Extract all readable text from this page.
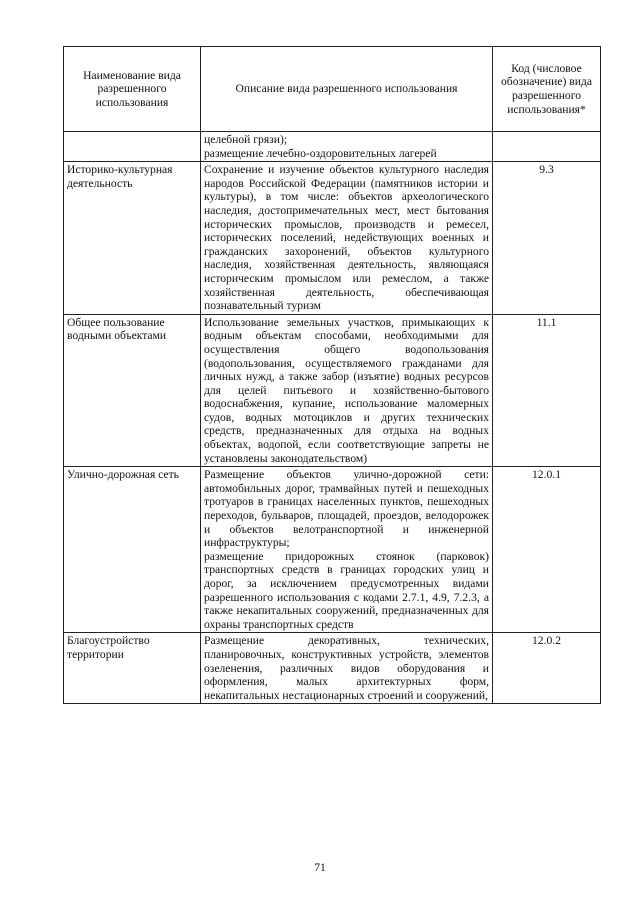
Наименование вида разрешенного использования	Описание вида разрешенного использования	Код (числовое обозначение) вида разрешенного использования*

	целебной грязи);

размещение лечебно-оздоровительных лагерей	

Историко-культурная деятельность	Сохранение и изучение объектов культурного наследия народов Российской Федерации (памятников истории и культуры), в том числе: объектов археологического наследия, достопримечательных мест, мест бытования исторических промыслов, производств и ремесел, исторических поселений, недействующих военных и гражданских захоронений, объектов культурного наследия, хозяйственная деятельность, являющаяся историческим промыслом или ремеслом, а также хозяйственная деятельность, обеспечивающая познавательный туризм	9.3
Общее пользование водными объектами	Использование земельных участков, примыкающих к водным объектам способами, необходимыми для осуществления общего водопользования (водопользования, осуществляемого гражданами для личных нужд, а также забор (изъятие) водных ресурсов для целей питьевого и хозяйственно-бытового водоснабжения, купание, использование маломерных судов, водных мотоциклов и других технических средств, предназначенных для отдыха на водных объектах, водопой, если соответствующие запреты не установлены законодательством)	11.1
Улично-дорожная сеть	Размещение объектов улично-дорожной сети: автомобильных дорог, трамвайных путей и пешеходных тротуаров в границах населенных пунктов, пешеходных переходов, бульваров, площадей, проездов, велодорожек и объектов велотранспортной и инженерной инфраструктуры;

размещение придорожных стоянок (парковок) транспортных средств в границах городских улиц и дорог, за исключением предусмотренных видами разрешенного использования с кодами 2.7.1, 4.9, 7.2.3, а также некапитальных сооружений, предназначенных для охраны транспортных средств	12.0.1
Благоустройство территории	Размещение декоративных, технических, планировочных, конструктивных устройств, элементов озеленения, различных видов оборудования и оформления, малых архитектурных форм, некапитальных нестационарных строений и сооружений,	12.0.2
71
